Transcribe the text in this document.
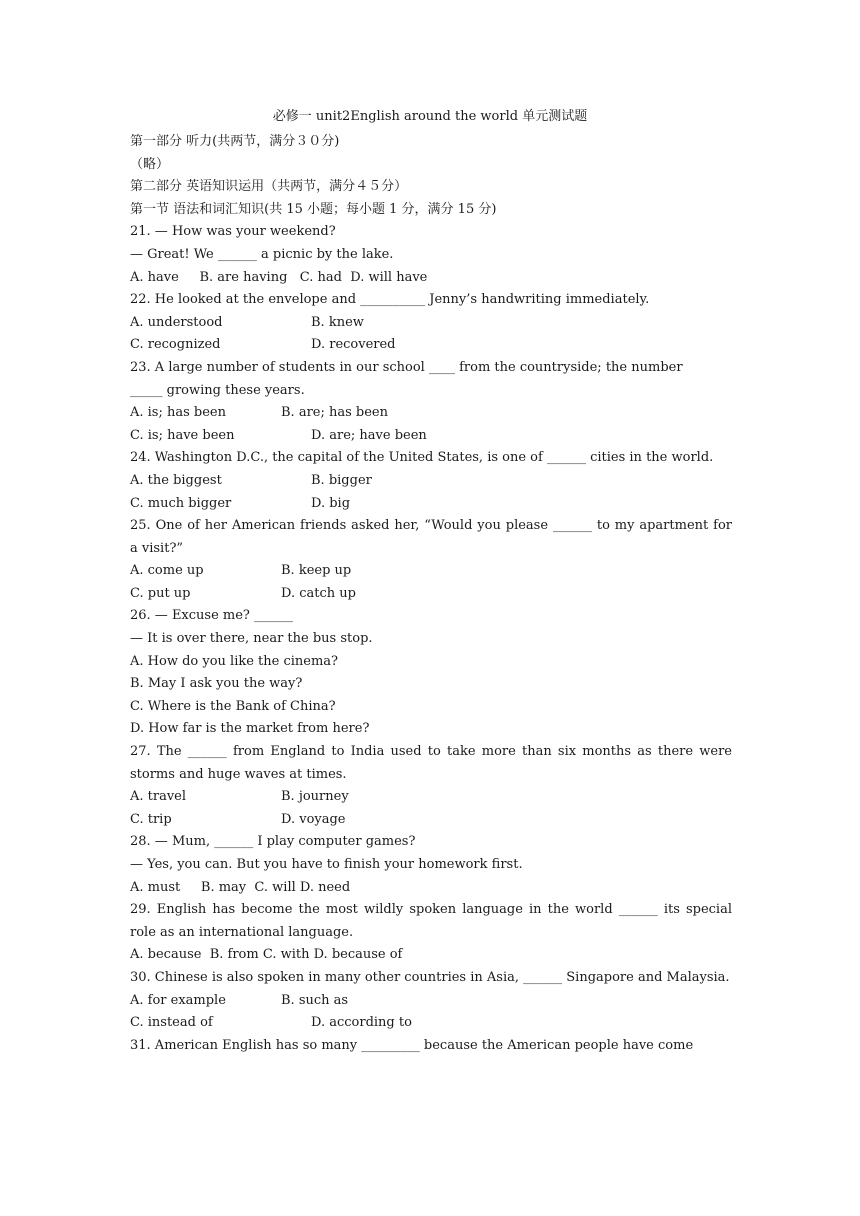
必修一 unit2English around the world 单元测试题
第一部分 听力(共两节，满分３０分)
（略）
第二部分 英语知识运用（共两节，满分４５分）
第一节 语法和词汇知识(共 15 小题；每小题 1 分，满分 15 分)
21. — How was your weekend?
— Great! We ______ a picnic by the lake.
A. have     B. are having   C. had  D. will have
22. He looked at the envelope and __________ Jenny’s handwriting immediately.
A. understood	B. knew
C. recognized	D. recovered
23. A large number of students in our school ____ from the countryside; the number
_____ growing these years.
A. is; has been	B. are; has been
C. is; have been	D. are; have been
24. Washington D.C., the capital of the United States, is one of ______ cities in the world.
A. the biggest	B. bigger
C. much bigger	D. big
25. One of her American friends asked her, “Would you please ______ to my apartment for a visit?”
A. come up	B. keep up
C. put up	D. catch up
26. — Excuse me? ______
— It is over there, near the bus stop.
A. How do you like the cinema?
B. May I ask you the way?
C. Where is the Bank of China?
D. How far is the market from here?
27. The ______ from England to India used to take more than six months as there were storms and huge waves at times.
A. travel	B. journey
C. trip	D. voyage
28. — Mum, ______ I play computer games?
— Yes, you can. But you have to finish your homework first.
A. must     B. may  C. will D. need
29. English has become the most wildly spoken language in the world ______ its special role as an international language.
A. because  B. from C. with D. because of
30. Chinese is also spoken in many other countries in Asia, ______ Singapore and Malaysia.
A. for example	B. such as
C. instead of	D. according to
31. American English has so many _________ because the American people have come
